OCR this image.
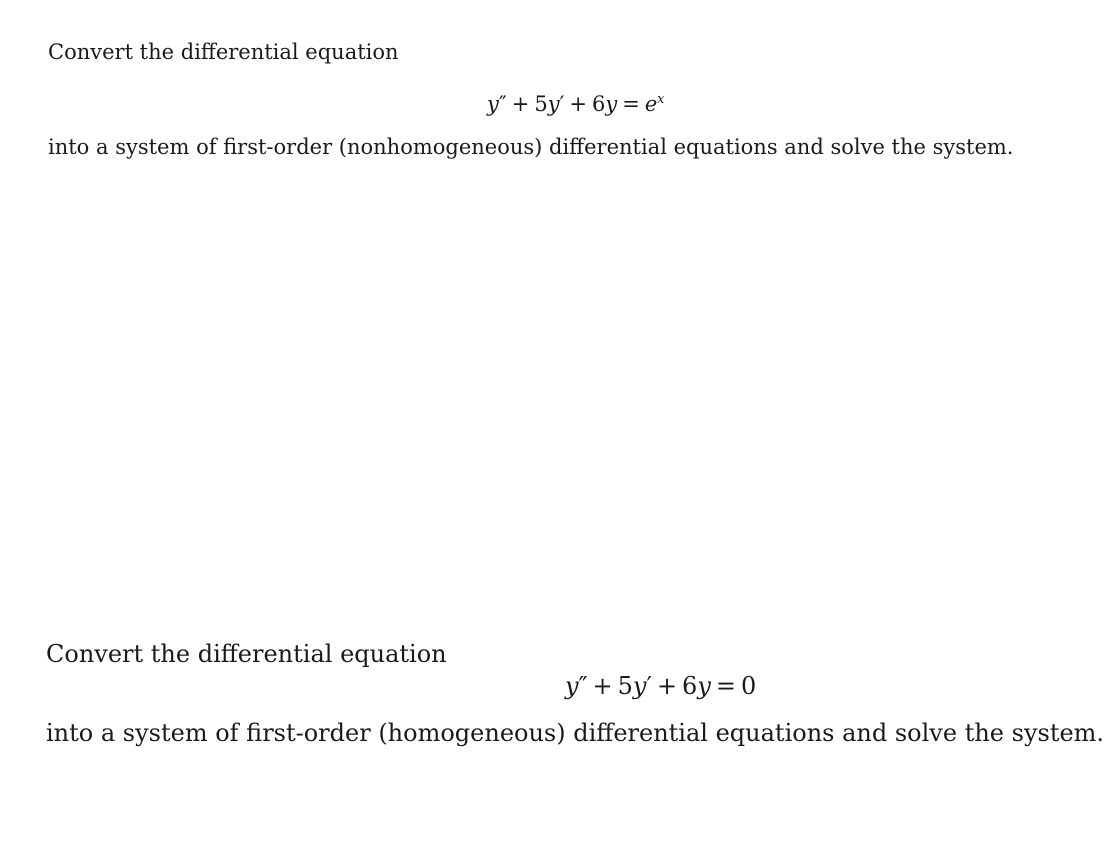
Convert the differential equation

$y'' + 5y' + 6y = e^x$

into a system of first-order (nonhomogeneous) differential equations and solve the system.

Convert the differential equation

y″ + 5y′ + 6y = 0

into a system of first-order (homogeneous) differential equations and solve the system.
